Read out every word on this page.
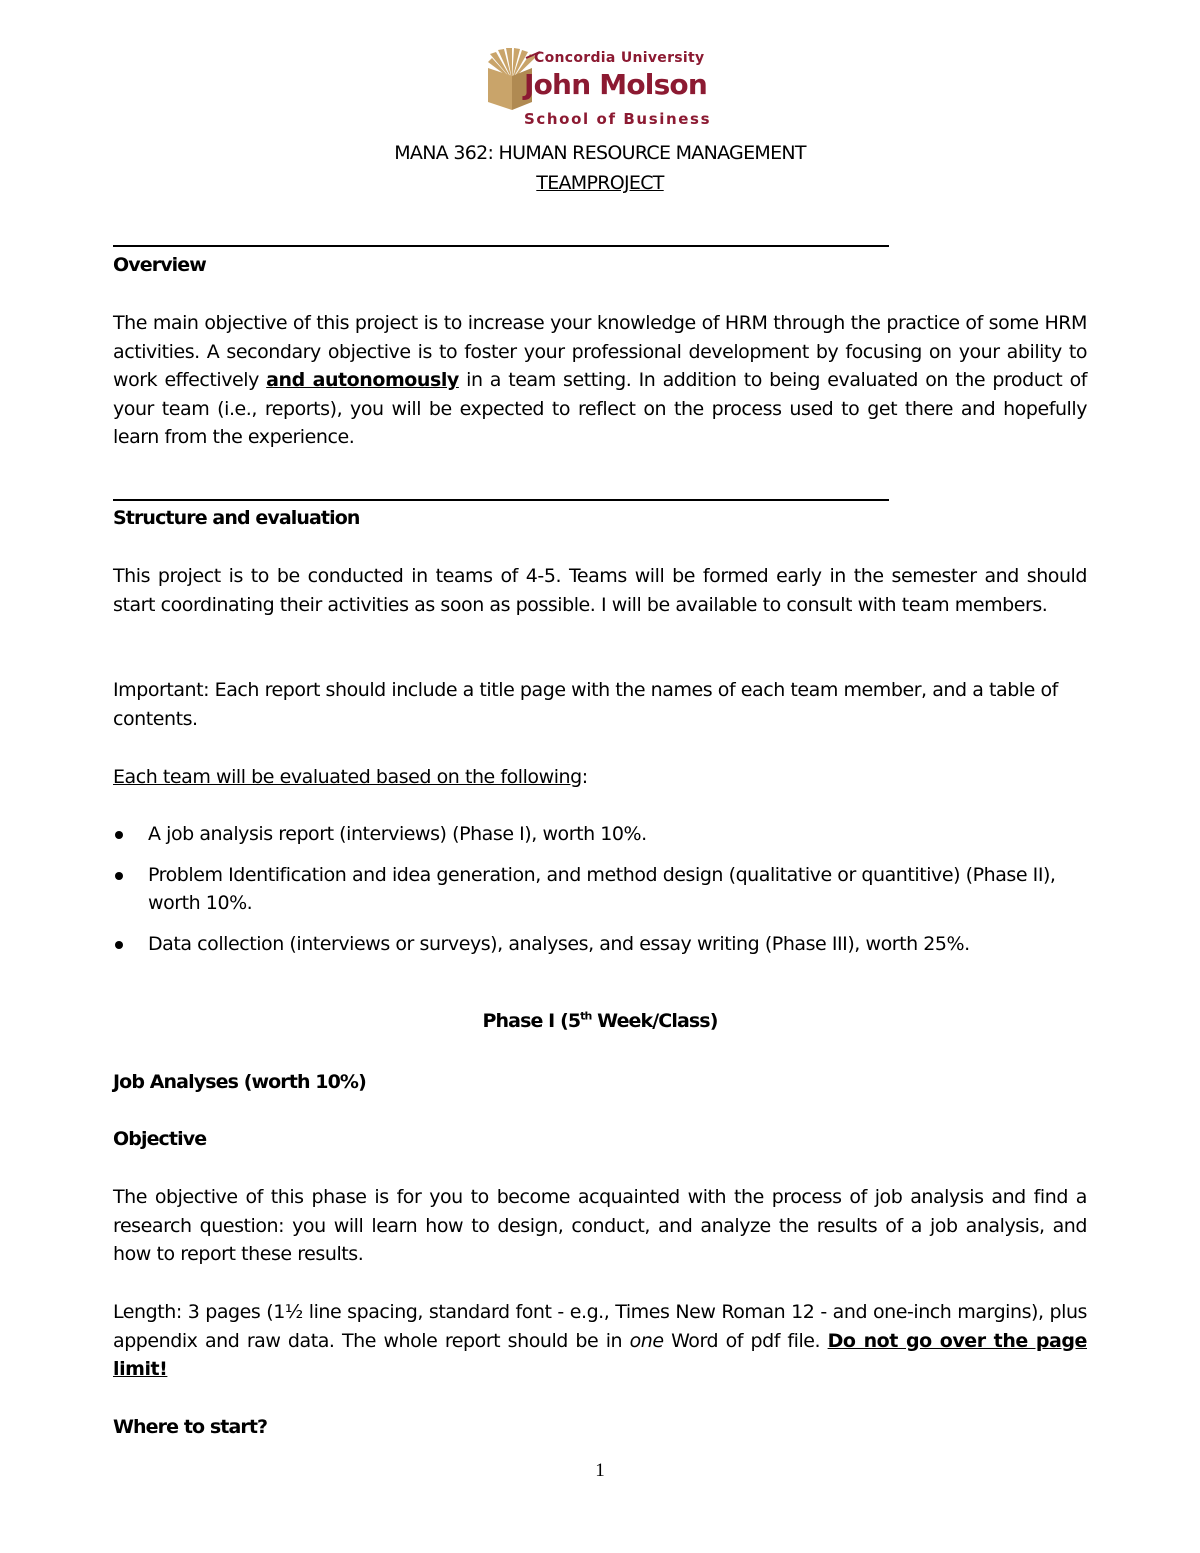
Concordia University
John Molson
School of Business
MANA 362: HUMAN RESOURCE MANAGEMENT
TEAMPROJECT
Overview
The main objective of this project is to increase your knowledge of HRM through the practice of some HRM activities. A secondary objective is to foster your professional development by focusing on your ability to work effectively and autonomously in a team setting. In addition to being evaluated on the product of your team (i.e., reports), you will be expected to reflect on the process used to get there and hopefully learn from the experience.
Structure and evaluation
This project is to be conducted in teams of 4-5. Teams will be formed early in the semester and should start coordinating their activities as soon as possible. I will be available to consult with team members.
Important: Each report should include a title page with the names of each team member, and a table of contents.
Each team will be evaluated based on the following:
A job analysis report (interviews) (Phase I), worth 10%.
Problem Identification and idea generation, and method design (qualitative or quantitive) (Phase II), worth 10%.
Data collection (interviews or surveys), analyses, and essay writing (Phase III), worth 25%.
Phase I (5th Week/Class)
Job Analyses (worth 10%)
Objective
The objective of this phase is for you to become acquainted with the process of job analysis and find a research question: you will learn how to design, conduct, and analyze the results of a job analysis, and how to report these results.
Length: 3 pages (1½ line spacing, standard font - e.g., Times New Roman 12 - and one-inch margins), plus appendix and raw data. The whole report should be in one Word of pdf file. Do not go over the page limit!
Where to start?
1
